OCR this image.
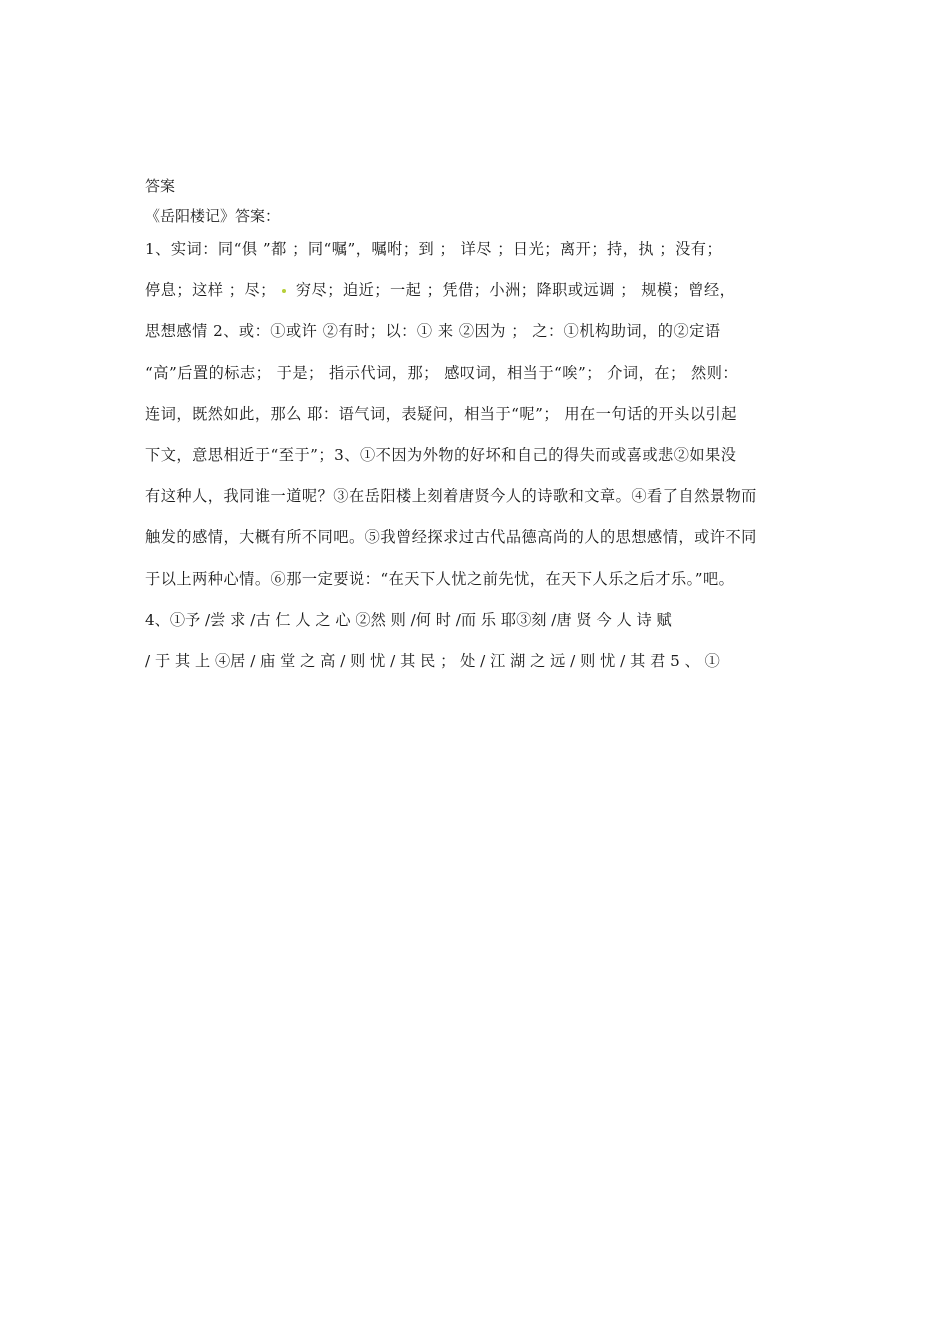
答案

《岳阳楼记》答案：

1、实词：同“俱 ”都 ；同“嘱”，嘱咐；到 ； 详尽 ；日光；离开；持，执 ；没有；
停息；这样 ；尽； 穷尽；迫近；一起 ；凭借；小洲；降职或远调 ； 规模；曾经，
思想感情 2、或：①或许 ②有时；以：① 来 ②因为 ； 之：①机构助词，的②定语
“高”后置的标志； 于是； 指示代词，那； 感叹词，相当于“唉”； 介词，在； 然则：
连词，既然如此，那么 耶：语气词，表疑问，相当于“呢”； 用在一句话的开头以引起
下文，意思相近于“至于”；3、①不因为外物的好坏和自己的得失而或喜或悲②如果没
有这种人，我同谁一道呢？③在岳阳楼上刻着唐贤今人的诗歌和文章。④看了自然景物而
触发的感情，大概有所不同吧。⑤我曾经探求过古代品德高尚的人的思想感情，或许不同
于以上两种心情。⑥那一定要说：“在天下人忧之前先忧，在天下人乐之后才乐。”吧。
4、①予 /尝 求 /古 仁 人 之 心 ②然 则 /何 时 /而 乐 耶③刻 /唐 贤 今 人 诗 赋
/ 于 其 上 ④居 / 庙 堂 之 高 / 则 忧 / 其 民 ； 处 / 江 湖 之 远 / 则 忧 / 其 君 5 、 ①
